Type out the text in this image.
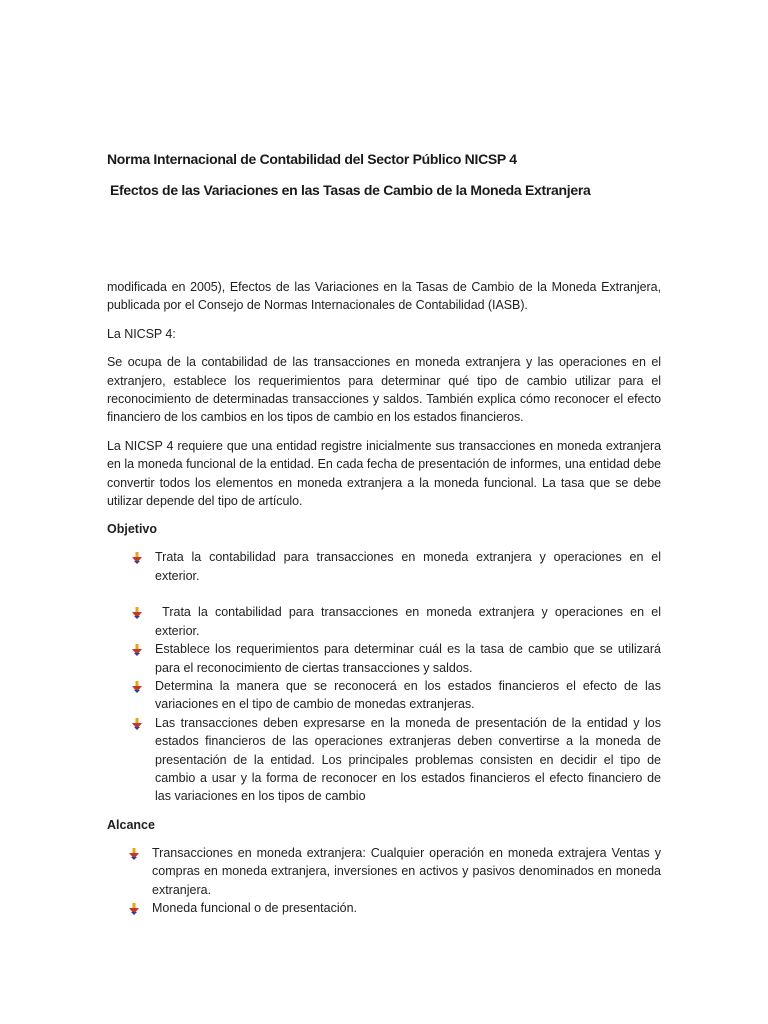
Norma Internacional de Contabilidad del Sector Público NICSP 4
Efectos de las Variaciones en las Tasas de Cambio de la Moneda Extranjera

modificada en 2005), Efectos de las Variaciones en la Tasas de Cambio de la Moneda Extranjera, publicada por el Consejo de Normas Internacionales de Contabilidad (IASB).

La NICSP 4:

Se ocupa de la contabilidad de las transacciones en moneda extranjera y las operaciones en el extranjero, establece los requerimientos para determinar qué tipo de cambio utilizar para el reconocimiento de determinadas transacciones y saldos. También explica cómo reconocer el efecto financiero de los cambios en los tipos de cambio en los estados financieros.

La NICSP 4 requiere que una entidad registre inicialmente sus transacciones en moneda extranjera en la moneda funcional de la entidad. En cada fecha de presentación de informes, una entidad debe convertir todos los elementos en moneda extranjera a la moneda funcional. La tasa que se debe utilizar depende del tipo de artículo.

Objetivo
Trata la contabilidad para transacciones en moneda extranjera y operaciones en el exterior.
Trata la contabilidad para transacciones en moneda extranjera y operaciones en el exterior.
Establece los requerimientos para determinar cuál es la tasa de cambio que se utilizará para el reconocimiento de ciertas transacciones y saldos.
Determina la manera que se reconocerá en los estados financieros el efecto de las variaciones en el tipo de cambio de monedas extranjeras.
Las transacciones deben expresarse en la moneda de presentación de la entidad y los estados financieros de las operaciones extranjeras deben convertirse a la moneda de presentación de la entidad. Los principales problemas consisten en decidir el tipo de cambio a usar y la forma de reconocer en los estados financieros el efecto financiero de las variaciones en los tipos de cambio
Alcance
Transacciones en moneda extranjera: Cualquier operación en moneda extrajera Ventas y compras en moneda extranjera, inversiones en activos y pasivos denominados en moneda extranjera.
Moneda funcional o de presentación.
